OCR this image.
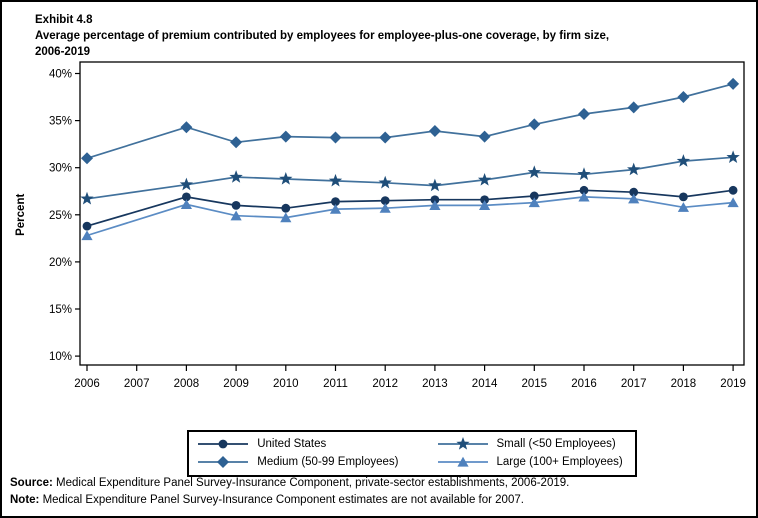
Exhibit 4.8
Average percentage of premium contributed by employees for employee-plus-one coverage, by firm size,
2006-2019
10%
15%
20%
25%
30%
35%
40%
Percent
2006 2007 2008 2009 2010 2011 2012 2013 2014 2015 2016 2017 2018 2019
United States	Small (<50 Employees)
Medium (50-99 Employees)	Large (100+ Employees)
Source: Medical Expenditure Panel Survey-Insurance Component, private-sector establishments, 2006-2019.
Note: Medical Expenditure Panel Survey-Insurance Component estimates are not available for 2007.
